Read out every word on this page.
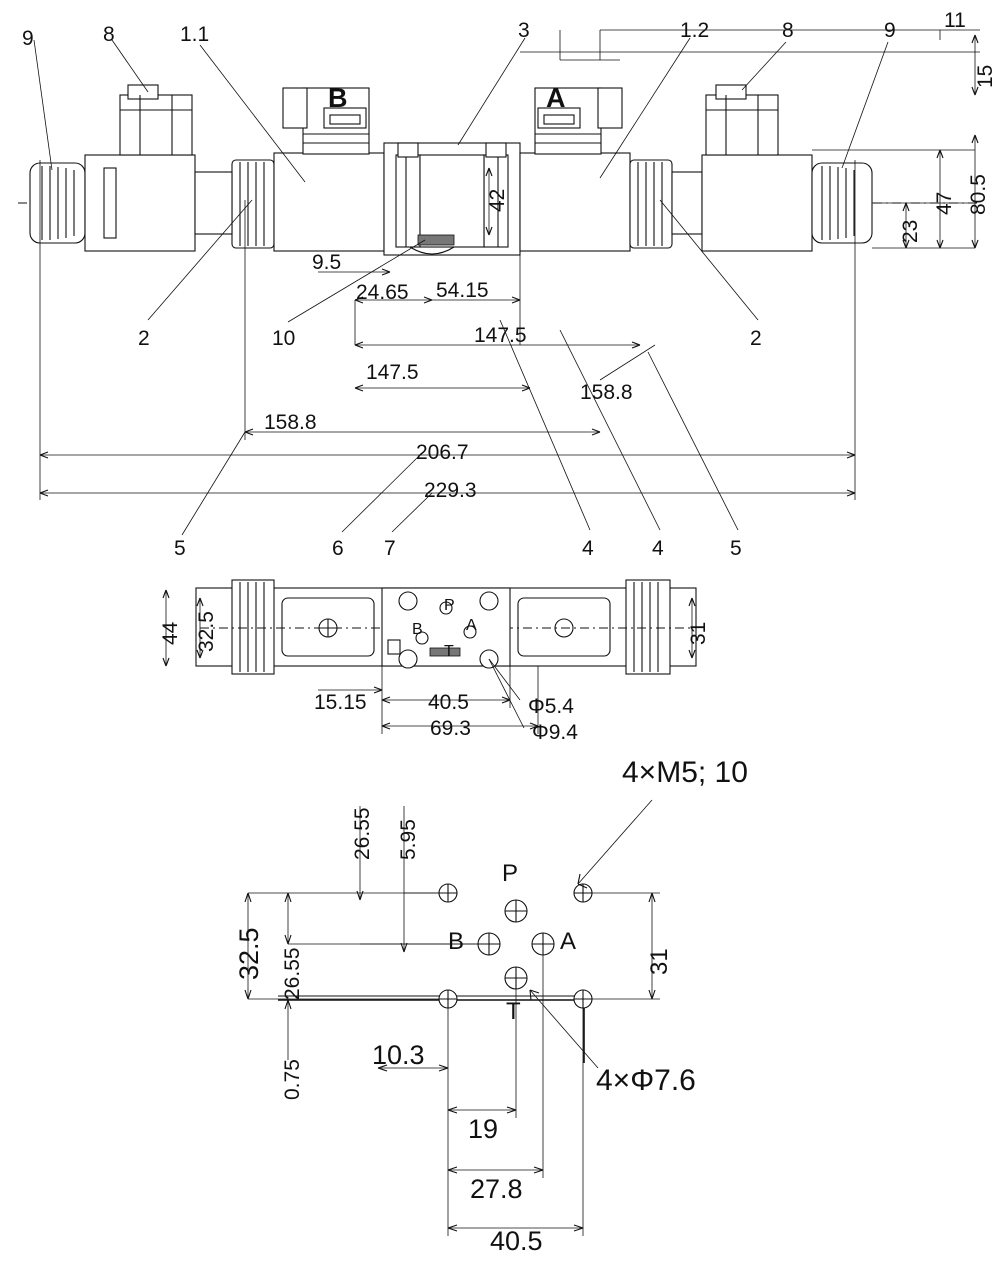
9	8	1.1	3	1.2	8	9 11
2	10	2
5	6 7	4	4	5
B	A
15
80.5
47
23
42
9.5
24.65 54.15
147.5
147.5
158.8
158.8
206.7
229.3
44 32.5	31
15.15	40.5
69.3
Φ5.4
Φ9.4
P
B	A
T
4×M5; 10
4×Φ7.6
P
B	A
T
26.55 5.95
32.5 26.55
0.75
31
10.3
19
27.8
40.5
